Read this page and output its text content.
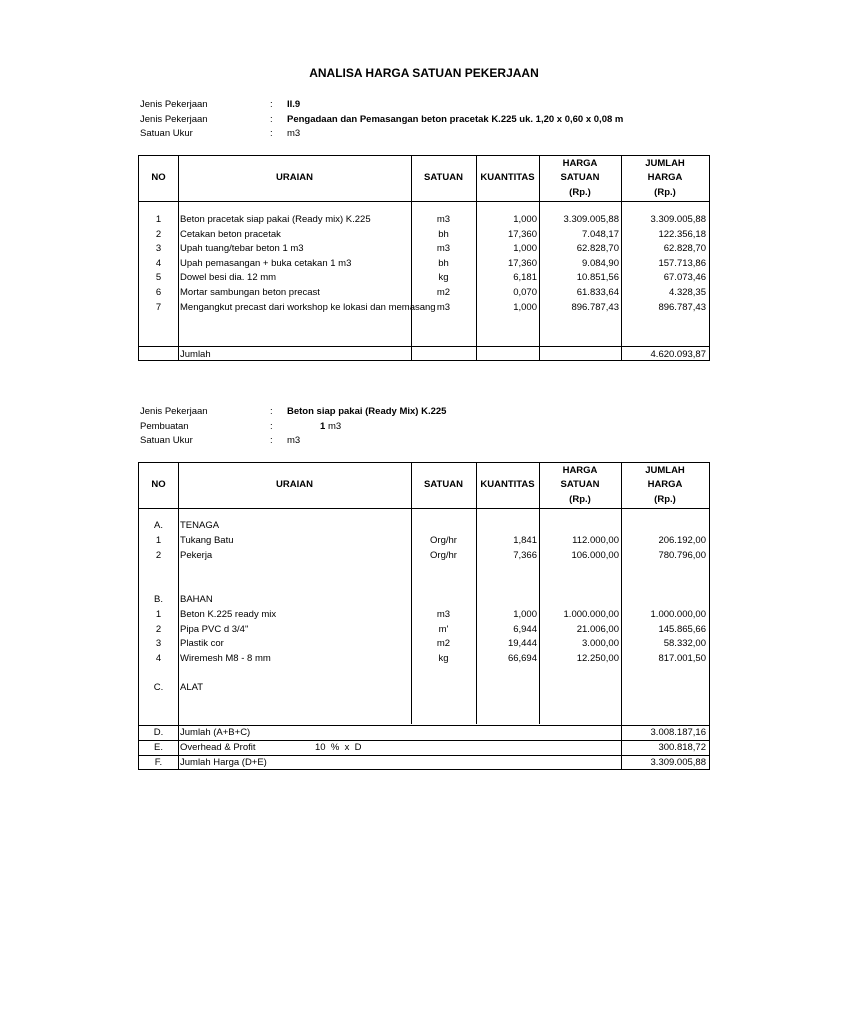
ANALISA HARGA SATUAN PEKERJAAN
Jenis Pekerjaan	: II.9
Jenis Pekerjaan	: Pengadaan dan Pemasangan beton pracetak K.225 uk. 1,20 x 0,60 x 0,08 m
Satuan Ukur	: m3
NO	URAIAN	SATUAN	KUANTITAS
HARGA
SATUAN
(Rp.)
JUMLAH
HARGA
(Rp.)
1	Beton pracetak siap pakai (Ready mix) K.225	m3	1,000	3.309.005,88	3.309.005,88
2	Cetakan beton pracetak	bh	17,360	7.048,17	122.356,18
3	Upah tuang/tebar beton 1 m3	m3	1,000	62.828,70	62.828,70
4	Upah pemasangan + buka cetakan 1 m3	bh	17,360	9.084,90	157.713,86
5	Dowel besi dia. 12 mm	kg	6,181	10.851,56	67.073,46
6	Mortar sambungan beton precast	m2	0,070	61.833,64	4.328,35
7	Mengangkut precast dari workshop ke lokasi dan memasang m3	1,000	896.787,43	896.787,43
Jumlah	4.620.093,87
Jenis Pekerjaan	: Beton siap pakai (Ready Mix) K.225
Pembuatan	:	1 m3
Satuan Ukur	: m3
NO	URAIAN	SATUAN	KUANTITAS
HARGA
SATUAN
(Rp.)
JUMLAH
HARGA
(Rp.)
A.	TENAGA
1	Tukang Batu	Org/hr	1,841	112.000,00	206.192,00
2	Pekerja	Org/hr	7,366	106.000,00	780.796,00
B.	BAHAN
1	Beton K.225 ready mix	m3	1,000	1.000.000,00	1.000.000,00
2	Pipa PVC d 3/4"	m'	6,944	21.006,00	145.865,66
3	Plastik cor	m2	19,444	3.000,00	58.332,00
4	Wiremesh M8 - 8 mm	kg	66,694	12.250,00	817.001,50
C.	ALAT
D.	Jumlah (A+B+C)	3.008.187,16
E.	Overhead & Profit	10  %  x  D	300.818,72
F.	Jumlah Harga (D+E)	3.309.005,88
